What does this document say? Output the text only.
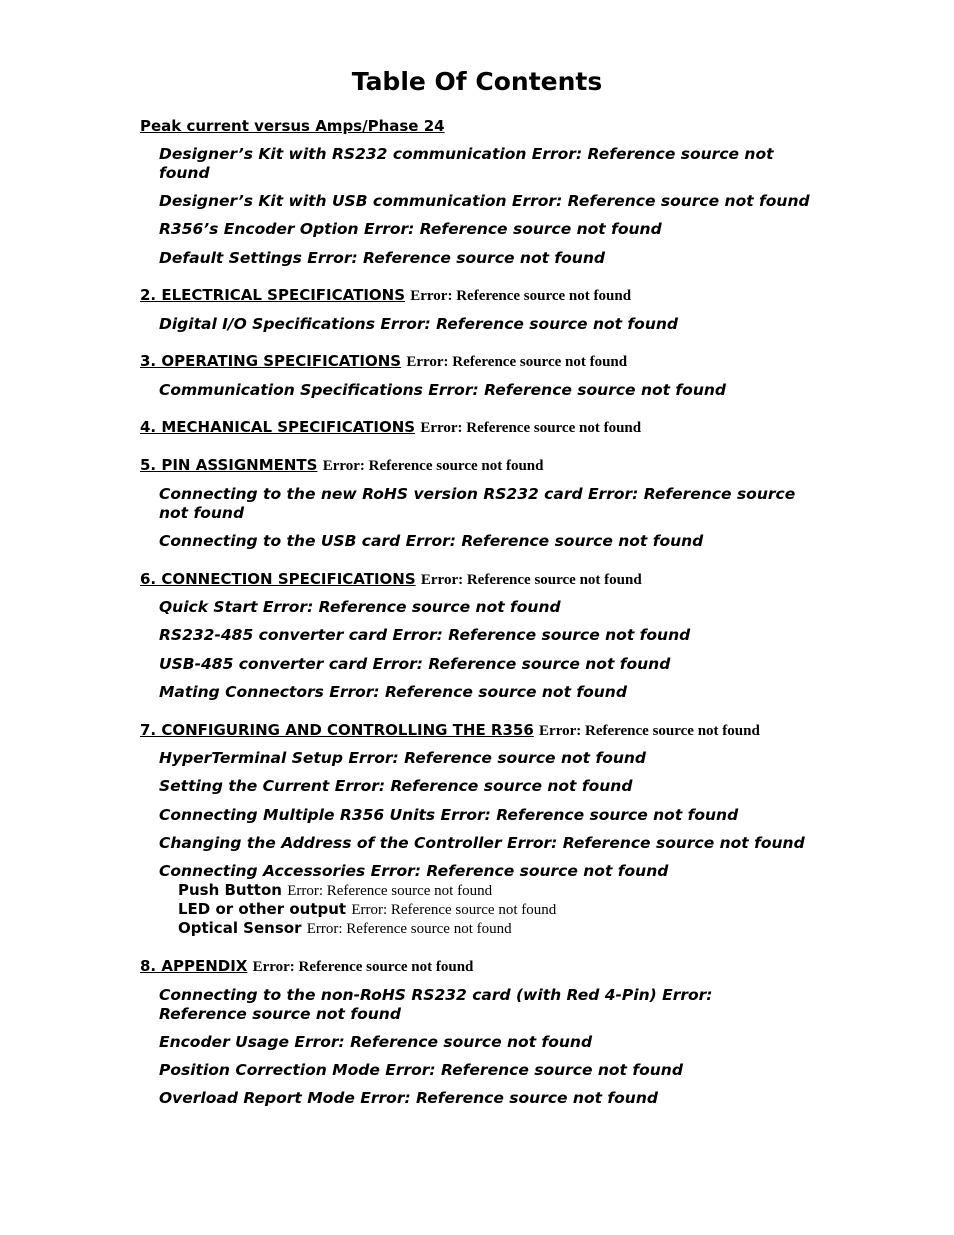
Table Of Contents
Peak current versus Amps/Phase 24
Designer’s Kit with RS232 communication Error: Reference source not found
Designer’s Kit with USB communication Error: Reference source not found
R356’s Encoder Option Error: Reference source not found
Default Settings Error: Reference source not found
2. ELECTRICAL SPECIFICATIONS Error: Reference source not found
Digital I/O Specifications Error: Reference source not found
3. OPERATING SPECIFICATIONS Error: Reference source not found
Communication Specifications Error: Reference source not found
4. MECHANICAL SPECIFICATIONS Error: Reference source not found
5. PIN ASSIGNMENTS Error: Reference source not found
Connecting to the new RoHS version RS232 card Error: Reference source not found
Connecting to the USB card Error: Reference source not found
6. CONNECTION SPECIFICATIONS Error: Reference source not found
Quick Start Error: Reference source not found
RS232-485 converter card Error: Reference source not found
USB-485 converter card Error: Reference source not found
Mating Connectors Error: Reference source not found
7. CONFIGURING AND CONTROLLING THE R356 Error: Reference source not found
HyperTerminal Setup Error: Reference source not found
Setting the Current Error: Reference source not found
Connecting Multiple R356 Units Error: Reference source not found
Changing the Address of the Controller Error: Reference source not found
Connecting Accessories Error: Reference source not found
Push Button Error: Reference source not found
LED or other output Error: Reference source not found
Optical Sensor Error: Reference source not found
8. APPENDIX Error: Reference source not found
Connecting to the non-RoHS RS232 card (with Red 4-Pin) Error: Reference source not found
Encoder Usage Error: Reference source not found
Position Correction Mode Error: Reference source not found
Overload Report Mode Error: Reference source not found
